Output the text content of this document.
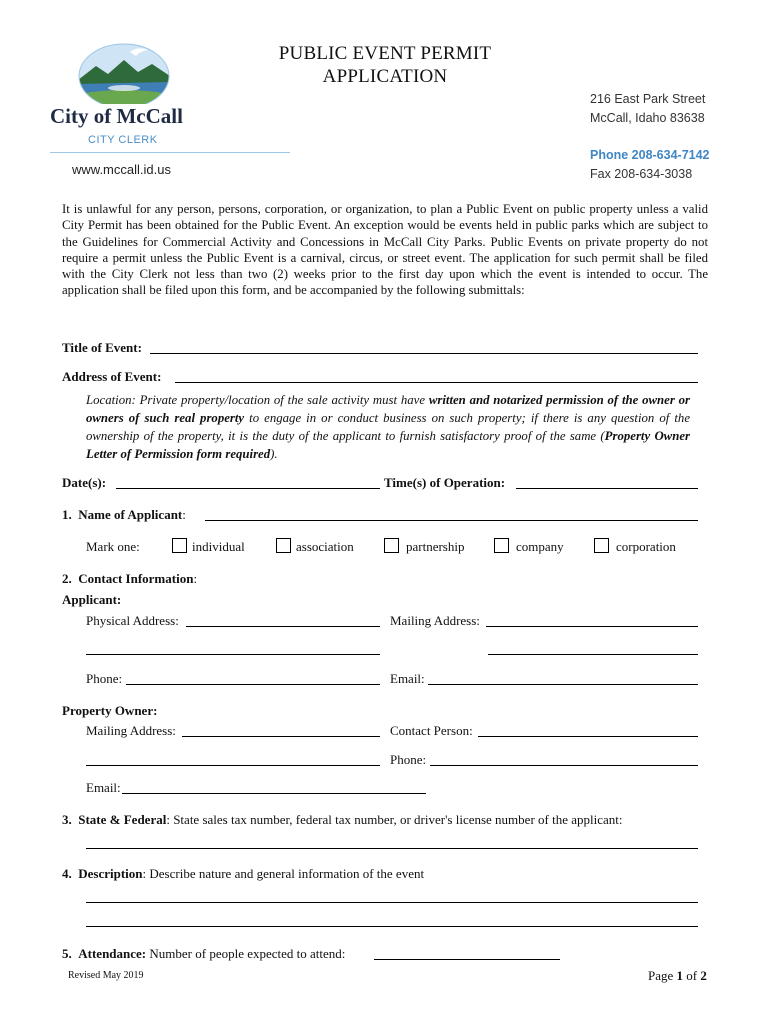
City of McCall
CITY CLERK
www.mccall.id.us
PUBLIC EVENT PERMIT
APPLICATION
216 East Park Street
McCall, Idaho 83638
Phone 208-634-7142
Fax 208-634-3038
It is unlawful for any person, persons, corporation, or organization, to plan a Public Event on public property unless a valid City Permit has been obtained for the Public Event. An exception would be events held in public parks which are subject to the Guidelines for Commercial Activity and Concessions in McCall City Parks. Public Events on private property do not require a permit unless the Public Event is a carnival, circus, or street event. The application for such permit shall be filed with the City Clerk not less than two (2) weeks prior to the first day upon which the event is intended to occur. The application shall be filed upon this form, and be accompanied by the following submittals:
Title of Event:
Address of Event:
Location: Private property/location of the sale activity must have written and notarized permission of the owner or owners of such real property to engage in or conduct business on such property; if there is any question of the ownership of the property, it is the duty of the applicant to furnish satisfactory proof of the same (Property Owner Letter of Permission form required).
Date(s):	Time(s) of Operation:
1. Name of Applicant:
Mark one:	individual	association	partnership	company	corporation
2. Contact Information:
Applicant:
Physical Address:	Mailing Address:
Phone:	Email:
Property Owner:
Mailing Address:	Contact Person:
Phone:
Email:
3. State & Federal: State sales tax number, federal tax number, or driver's license number of the applicant:
4. Description: Describe nature and general information of the event
5. Attendance: Number of people expected to attend:
Revised May 2019	Page 1 of 2
